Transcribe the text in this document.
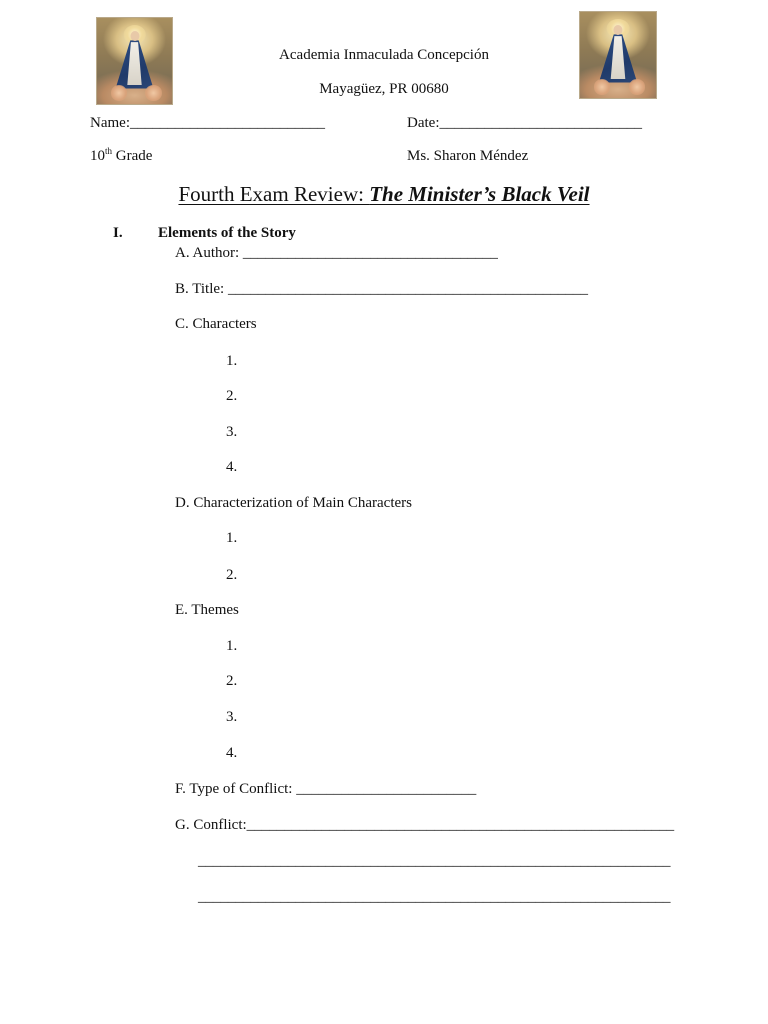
Academia Inmaculada Concepción
Mayagüez, PR 00680
Name:__________________________	Date:___________________________
10th Grade	Ms. Sharon Méndez
Fourth Exam Review: The Minister’s Black Veil
I. Elements of the Story
A. Author: __________________________________
B. Title: ________________________________________________
C. Characters
1.
2.
3.
4.
D. Characterization of Main Characters
1.
2.
E. Themes
1.
2.
3.
4.
F. Type of Conflict: ________________________
G. Conflict:_________________________________________________________
_______________________________________________________________
_______________________________________________________________
